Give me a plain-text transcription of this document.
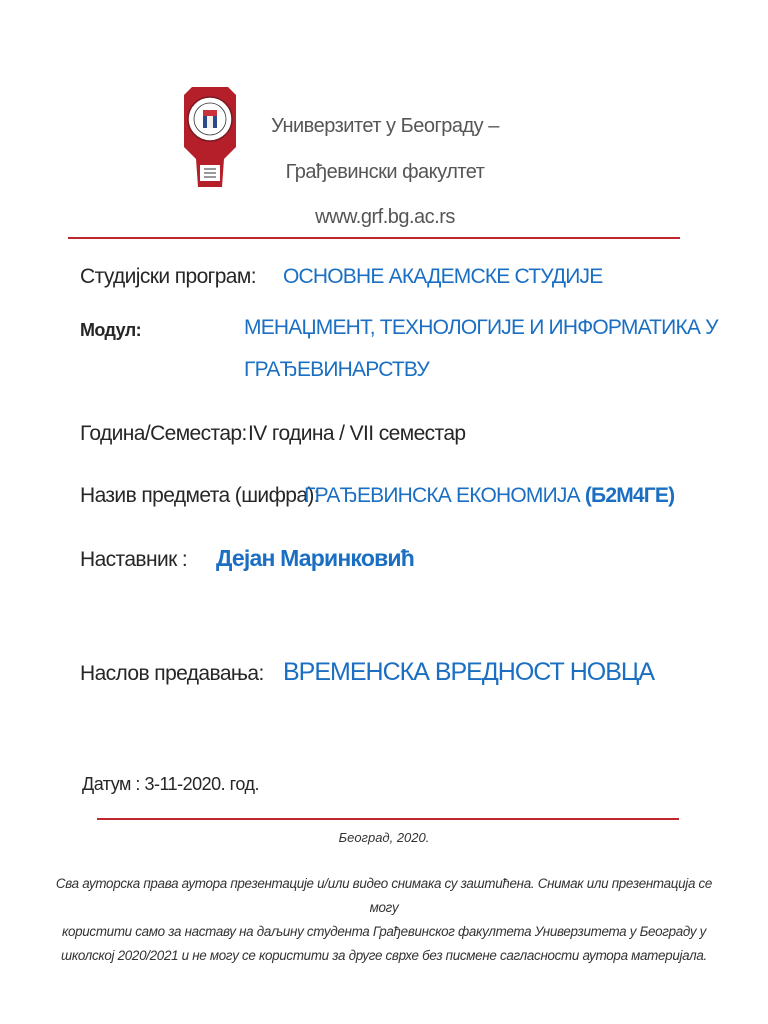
Универзитет у Београду –
Грађевински факултет
www.grf.bg.ac.rs
Студијски програм: ОСНОВНЕ АКАДЕМСКЕ СТУДИЈЕ
Модул:	МЕНАЏМЕНТ, ТЕХНОЛОГИЈЕ И ИНФОРМАТИКА У
ГРАЂЕВИНАРСТВУ
Година/Семестар: IV година / VII семестар
Назив предмета (шифра):
ГРАЂЕВИНСКА ЕКОНОМИЈА (Б2М4ГЕ)
Наставник : Дејан Маринковић
Наслов предавања: ВРЕМЕНСКА ВРЕДНОСТ НОВЦА
Датум : 3-11-2020. год.
Београд, 2020.
Сва ауторска права аутора презентације и/или видео снимака су заштићена. Снимак или презентација се могу
користити само за наставу на даљину студента Грађевинског факултета Универзитета у Београду у
школској 2020/2021 и не могу се користити за друге сврхе без писмене сагласности аутора материјала.
